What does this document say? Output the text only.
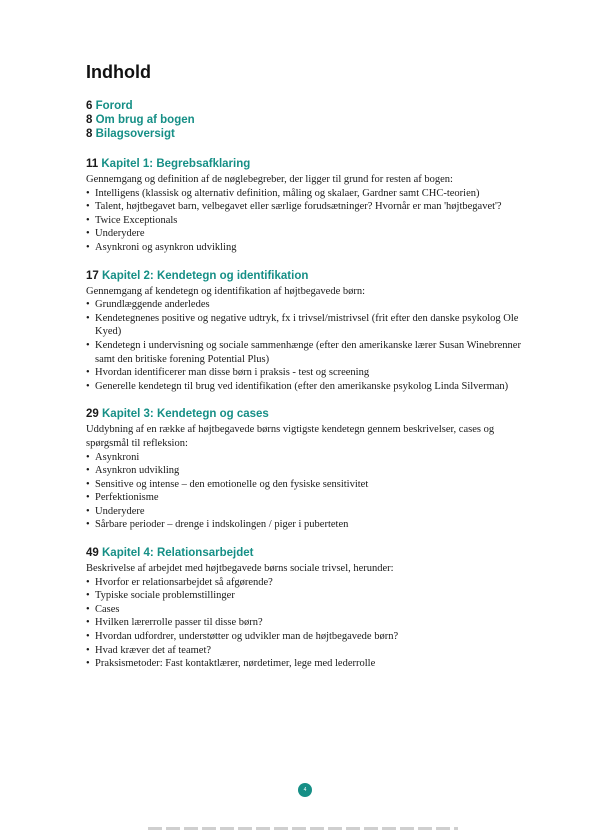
Indhold
6 Forord
8 Om brug af bogen
8 Bilagsoversigt
11 Kapitel 1: Begrebsafklaring
Gennemgang og definition af de nøglebegreber, der ligger til grund for resten af bogen:
• Intelligens (klassisk og alternativ definition, måling og skalaer, Gardner samt CHC-teorien)
• Talent, højtbegavet barn, velbegavet eller særlige forudsætninger? Hvornår er man 'højtbegavet'?
• Twice Exceptionals
• Underydere
• Asynkroni og asynkron udvikling
17 Kapitel 2: Kendetegn og identifikation
Gennemgang af kendetegn og identifikation af højtbegavede børn:
• Grundlæggende anderledes
• Kendetegnenes positive og negative udtryk, fx i trivsel/mistrivsel (frit efter den danske psykolog Ole Kyed)
• Kendetegn i undervisning og sociale sammenhænge (efter den amerikanske lærer Susan Winebrenner samt den britiske forening Potential Plus)
• Hvordan identificerer man disse børn i praksis - test og screening
• Generelle kendetegn til brug ved identifikation (efter den amerikanske psykolog Linda Silverman)
29 Kapitel 3: Kendetegn og cases
Uddybning af en række af højtbegavede børns vigtigste kendetegn gennem beskrivelser, cases og spørgsmål til refleksion:
• Asynkroni
• Asynkron udvikling
• Sensitive og intense – den emotionelle og den fysiske sensitivitet
• Perfektionisme
• Underydere
• Sårbare perioder – drenge i indskolingen / piger i puberteten
49 Kapitel 4: Relationsarbejdet
Beskrivelse af arbejdet med højtbegavede børns sociale trivsel, herunder:
• Hvorfor er relationsarbejdet så afgørende?
• Typiske sociale problemstillinger
• Cases
• Hvilken lærerrolle passer til disse børn?
• Hvordan udfordrer, understøtter og udvikler man de højtbegavede børn?
• Hvad kræver det af teamet?
• Praksismetoder: Fast kontaktlærer, nørdetimer, lege med lederrolle
4
